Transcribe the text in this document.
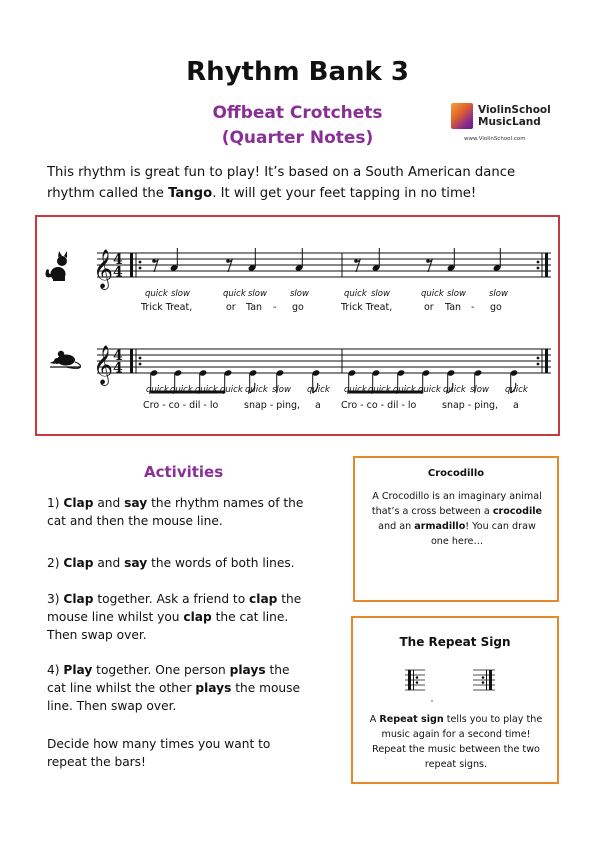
Rhythm Bank 3
Offbeat Crotchets
(Quarter Notes)
ViolinSchool
MusicLand
www.ViolinSchool.com
This rhythm is great fun to play! It’s based on a South American dance rhythm called the Tango. It will get your feet tapping in no time!
𝄞 4
4
quick slow	quick slow	slow	quick slow	quick slow	slow
Trick Treat,	or Tan - go	Trick Treat,	or Tan - go
𝄞 4
4
quick quick quick quick quick slow quick quick quick quick quick quick slow quick
Cro - co - dil - lo	snap - ping, a Cro - co - dil - lo	snap - ping, a
Activities
1) Clap and say the rhythm names of the cat and then the mouse line.
2) Clap and say the words of both lines.
3) Clap together. Ask a friend to clap the mouse line whilst you clap the cat line. Then swap over.
4) Play together. One person plays the cat line whilst the other plays the mouse line. Then swap over.
Decide how many times you want to repeat the bars!
Crocodillo
A Crocodillo is an imaginary animal that’s a cross between a crocodile and an armadillo! You can draw one here…
The Repeat Sign
A Repeat sign tells you to play the music again for a second time! Repeat the music between the two repeat signs.
